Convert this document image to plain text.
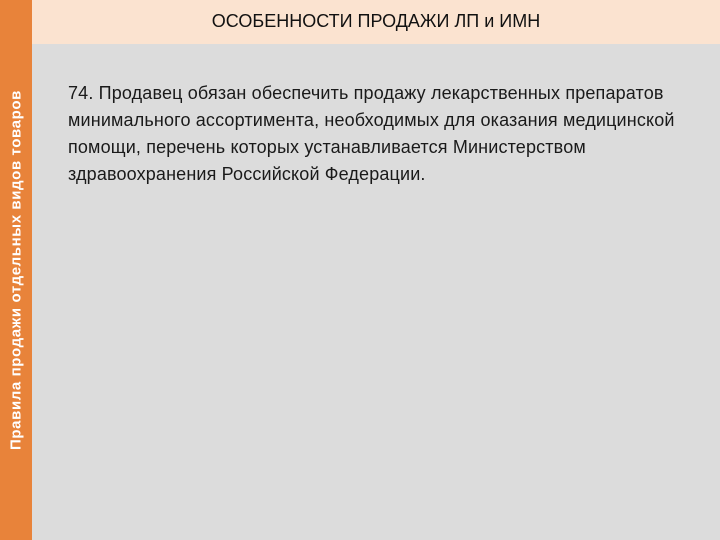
Правила продажи отдельных видов товаров
ОСОБЕННОСТИ ПРОДАЖИ ЛП и ИМН

74. Продавец обязан обеспечить продажу лекарственных препаратов минимального ассортимента, необходимых для оказания медицинской помощи, перечень которых устанавливается Министерством здравоохранения Российской Федерации.
